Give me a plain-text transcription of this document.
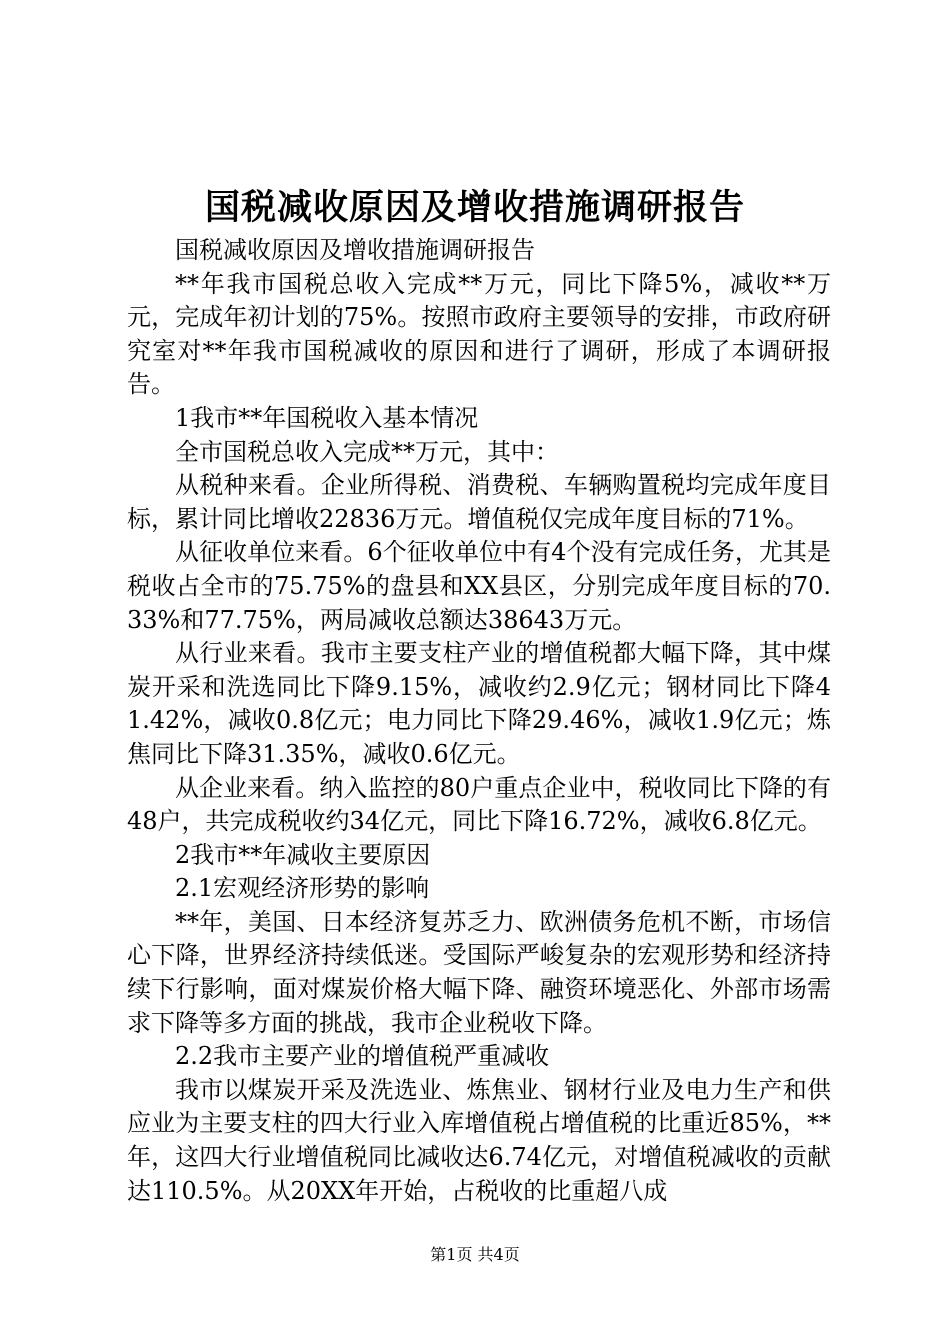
国税减收原因及增收措施调研报告

国税减收原因及增收措施调研报告

**年我市国税总收入完成**万元，同比下降5%，减收**万元，完成年初计划的75%。按照市政府主要领导的安排，市政府研究室对**年我市国税减收的原因和进行了调研，形成了本调研报告。

1我市**年国税收入基本情况

全市国税总收入完成**万元，其中：

从税种来看。企业所得税、消费税、车辆购置税均完成年度目标，累计同比增收22836万元。增值税仅完成年度目标的71%。

从征收单位来看。6个征收单位中有4个没有完成任务，尤其是税收占全市的75.75%的盘县和XX县区，分别完成年度目标的70.33%和77.75%，两局减收总额达38643万元。

从行业来看。我市主要支柱产业的增值税都大幅下降，其中煤炭开采和洗选同比下降9.15%，减收约2.9亿元；钢材同比下降41.42%，减收0.8亿元；电力同比下降29.46%，减收1.9亿元；炼焦同比下降31.35%，减收0.6亿元。

从企业来看。纳入监控的80户重点企业中，税收同比下降的有48户，共完成税收约34亿元，同比下降16.72%，减收6.8亿元。

2我市**年减收主要原因

2.1宏观经济形势的影响

**年，美国、日本经济复苏乏力、欧洲债务危机不断，市场信心下降，世界经济持续低迷。受国际严峻复杂的宏观形势和经济持续下行影响，面对煤炭价格大幅下降、融资环境恶化、外部市场需求下降等多方面的挑战，我市企业税收下降。

2.2我市主要产业的增值税严重减收

我市以煤炭开采及洗选业、炼焦业、钢材行业及电力生产和供应业为主要支柱的四大行业入库增值税占增值税的比重近85%，**年，这四大行业增值税同比减收达6.74亿元，对增值税减收的贡献达110.5%。从20XX年开始，占税收的比重超八成

第1页 共4页
